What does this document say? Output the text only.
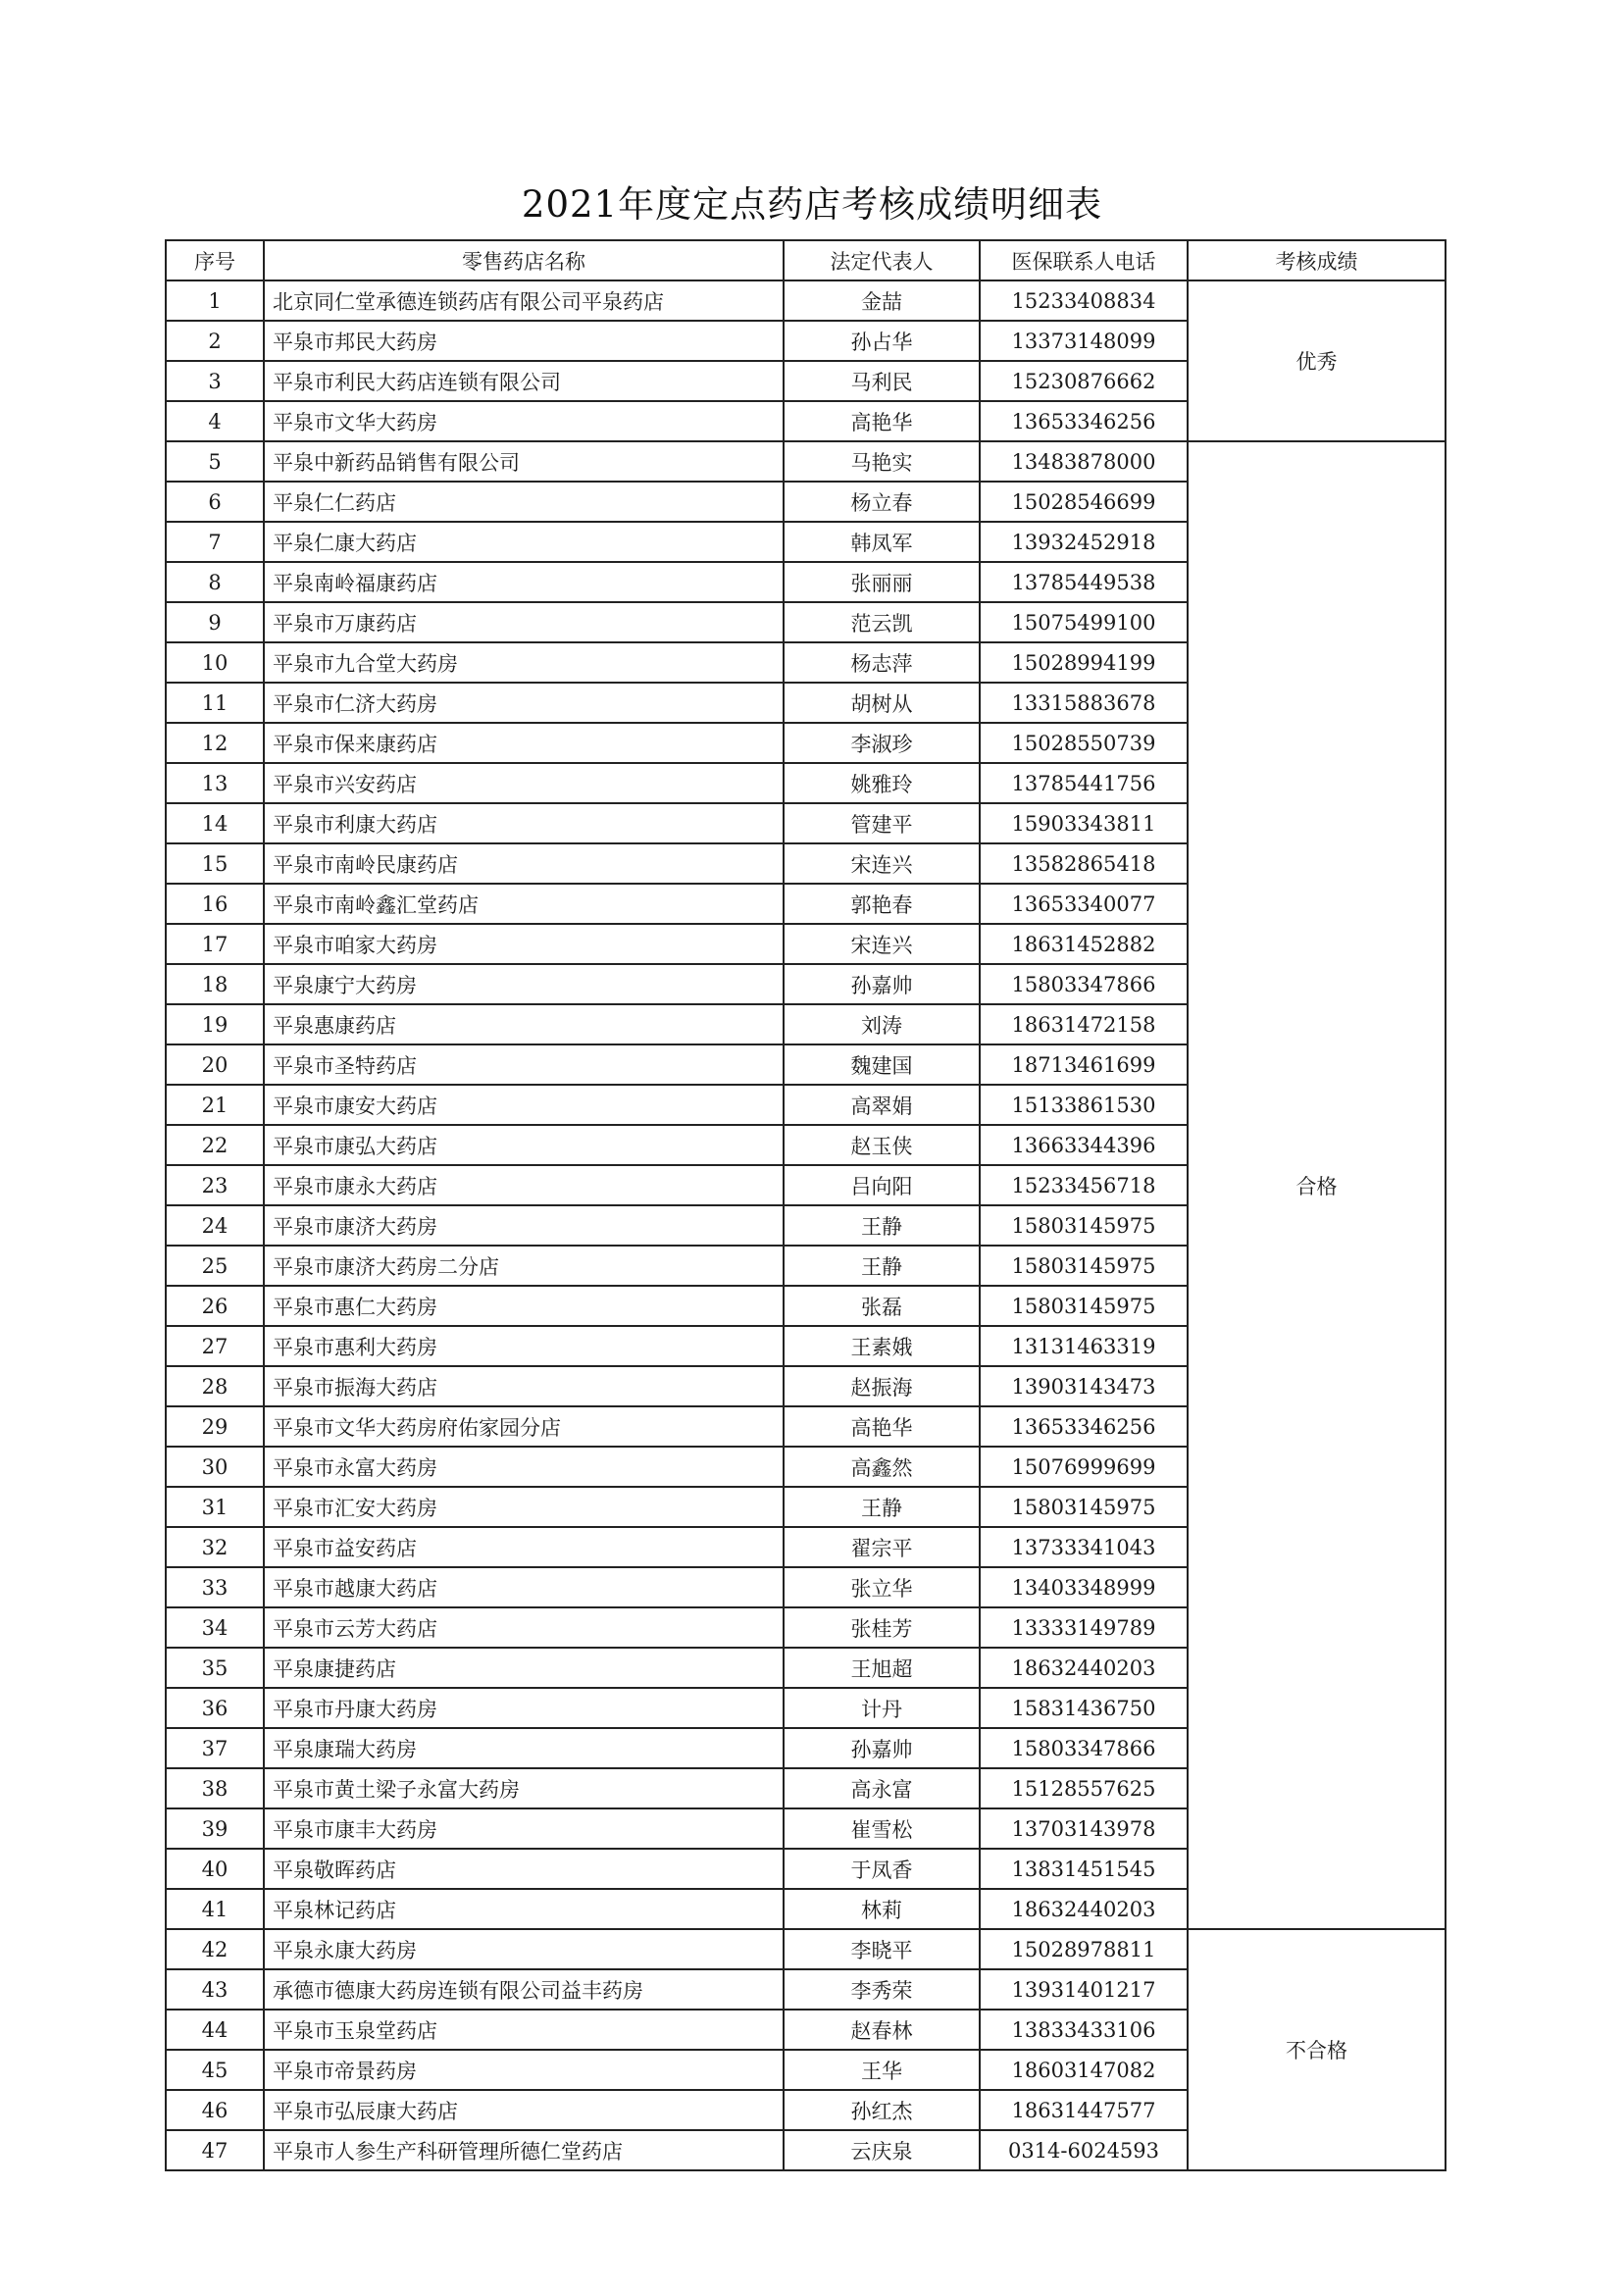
2021年度定点药店考核成绩明细表
序号	零售药店名称	法定代表人	医保联系人电话	考核成绩
1	北京同仁堂承德连锁药店有限公司平泉药店	金喆	15233408834	优秀
2	平泉市邦民大药房	孙占华	13373148099	
3	平泉市利民大药店连锁有限公司	马利民	15230876662	
4	平泉市文华大药房	高艳华	13653346256	
5	平泉中新药品销售有限公司	马艳实	13483878000	合格
6	平泉仁仁药店	杨立春	15028546699	
7	平泉仁康大药店	韩凤军	13932452918	
8	平泉南岭福康药店	张丽丽	13785449538	
9	平泉市万康药店	范云凯	15075499100	
10	平泉市九合堂大药房	杨志萍	15028994199	
11	平泉市仁济大药房	胡树从	13315883678	
12	平泉市保来康药店	李淑珍	15028550739	
13	平泉市兴安药店	姚雅玲	13785441756	
14	平泉市利康大药店	管建平	15903343811	
15	平泉市南岭民康药店	宋连兴	13582865418	
16	平泉市南岭鑫汇堂药店	郭艳春	13653340077	
17	平泉市咱家大药房	宋连兴	18631452882	
18	平泉康宁大药房	孙嘉帅	15803347866	
19	平泉惠康药店	刘涛	18631472158	
20	平泉市圣特药店	魏建国	18713461699	
21	平泉市康安大药店	高翠娟	15133861530	
22	平泉市康弘大药店	赵玉侠	13663344396	
23	平泉市康永大药店	吕向阳	15233456718	
24	平泉市康济大药房	王静	15803145975	
25	平泉市康济大药房二分店	王静	15803145975	
26	平泉市惠仁大药房	张磊	15803145975	
27	平泉市惠利大药房	王素娥	13131463319	
28	平泉市振海大药店	赵振海	13903143473	
29	平泉市文华大药房府佑家园分店	高艳华	13653346256	
30	平泉市永富大药房	高鑫然	15076999699	
31	平泉市汇安大药房	王静	15803145975	
32	平泉市益安药店	翟宗平	13733341043	
33	平泉市越康大药店	张立华	13403348999	
34	平泉市云芳大药店	张桂芳	13333149789	
35	平泉康捷药店	王旭超	18632440203	
36	平泉市丹康大药房	计丹	15831436750	
37	平泉康瑞大药房	孙嘉帅	15803347866	
38	平泉市黄土梁子永富大药房	高永富	15128557625	
39	平泉市康丰大药房	崔雪松	13703143978	
40	平泉敬晖药店	于凤香	13831451545	
41	平泉林记药店	林莉	18632440203	
42	平泉永康大药房	李晓平	15028978811	不合格
43	承德市德康大药房连锁有限公司益丰药房	李秀荣	13931401217	
44	平泉市玉泉堂药店	赵春林	13833433106	
45	平泉市帝景药房	王华	18603147082	
46	平泉市弘辰康大药店	孙红杰	18631447577	
47	平泉市人参生产科研管理所德仁堂药店	云庆泉	0314-6024593	
